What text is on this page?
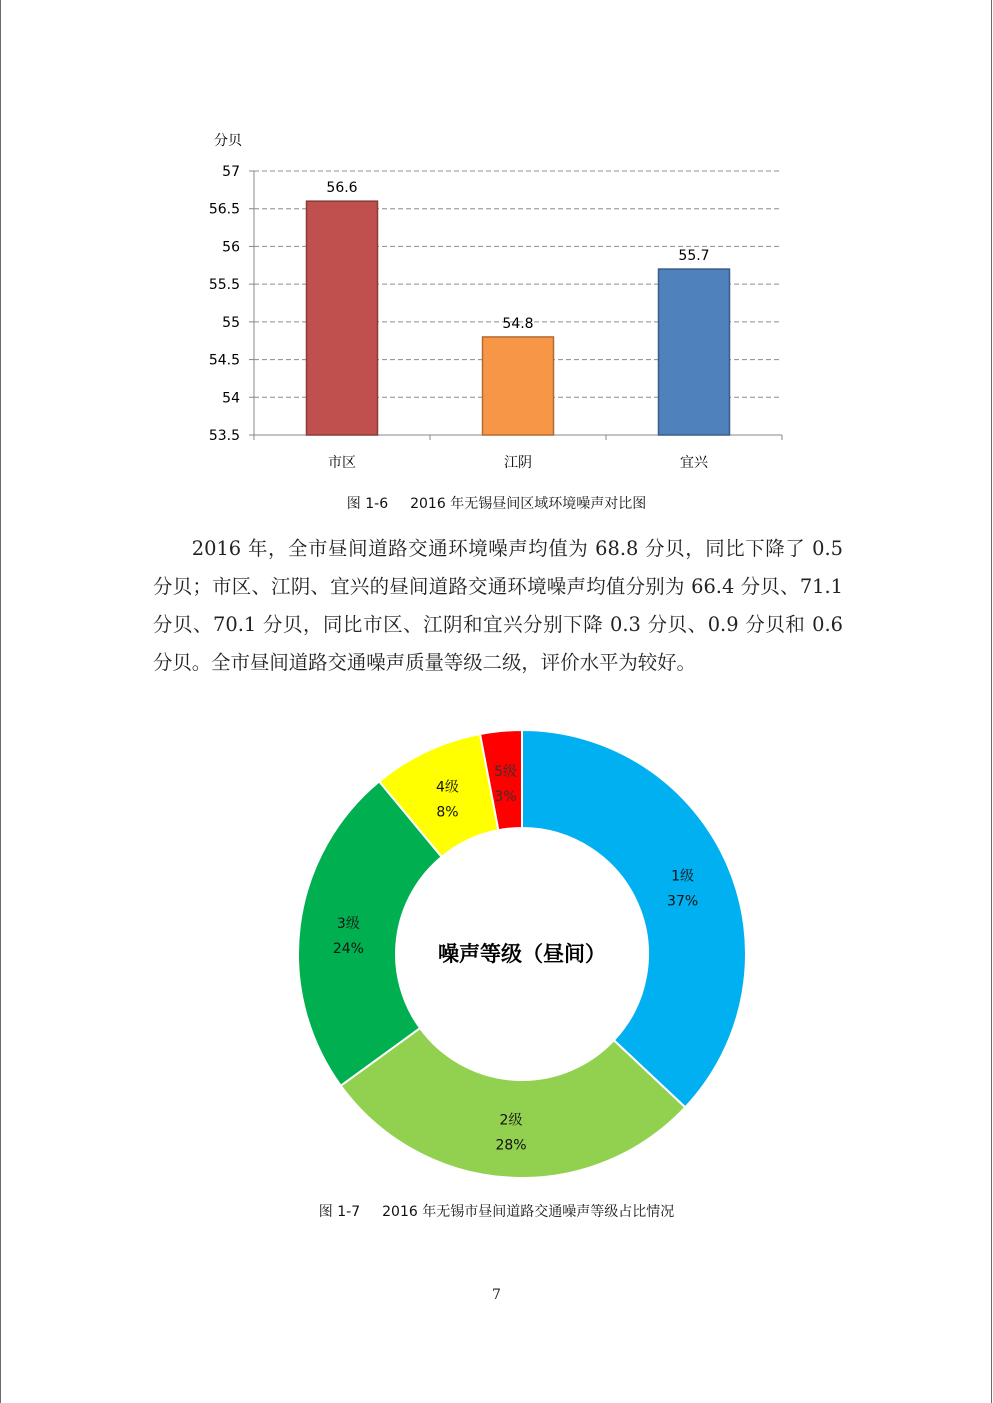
53.5
54
54.5
55
55.5
56
56.5
57
56.6
54.8
55.7
市区	江阴	宜兴
分贝
图 1-6 2016 年无锡昼间区域环境噪声对比图

2016 年，全市昼间道路交通环境噪声均值为 68.8 分贝，同比下降了 0.5 分贝；市区、江阴、宜兴的昼间道路交通环境噪声均值分别为 66.4 分贝、71.1 分贝、70.1 分贝，同比市区、江阴和宜兴分别下降 0.3 分贝、0.9 分贝和 0.6 分贝。全市昼间道路交通噪声质量等级二级，评价水平为较好。

1级
37%
2级
28%
3级
24%
4级
8%
5级
3%
噪声等级（昼间）
图 1-7 2016 年无锡市昼间道路交通噪声等级占比情况
7
